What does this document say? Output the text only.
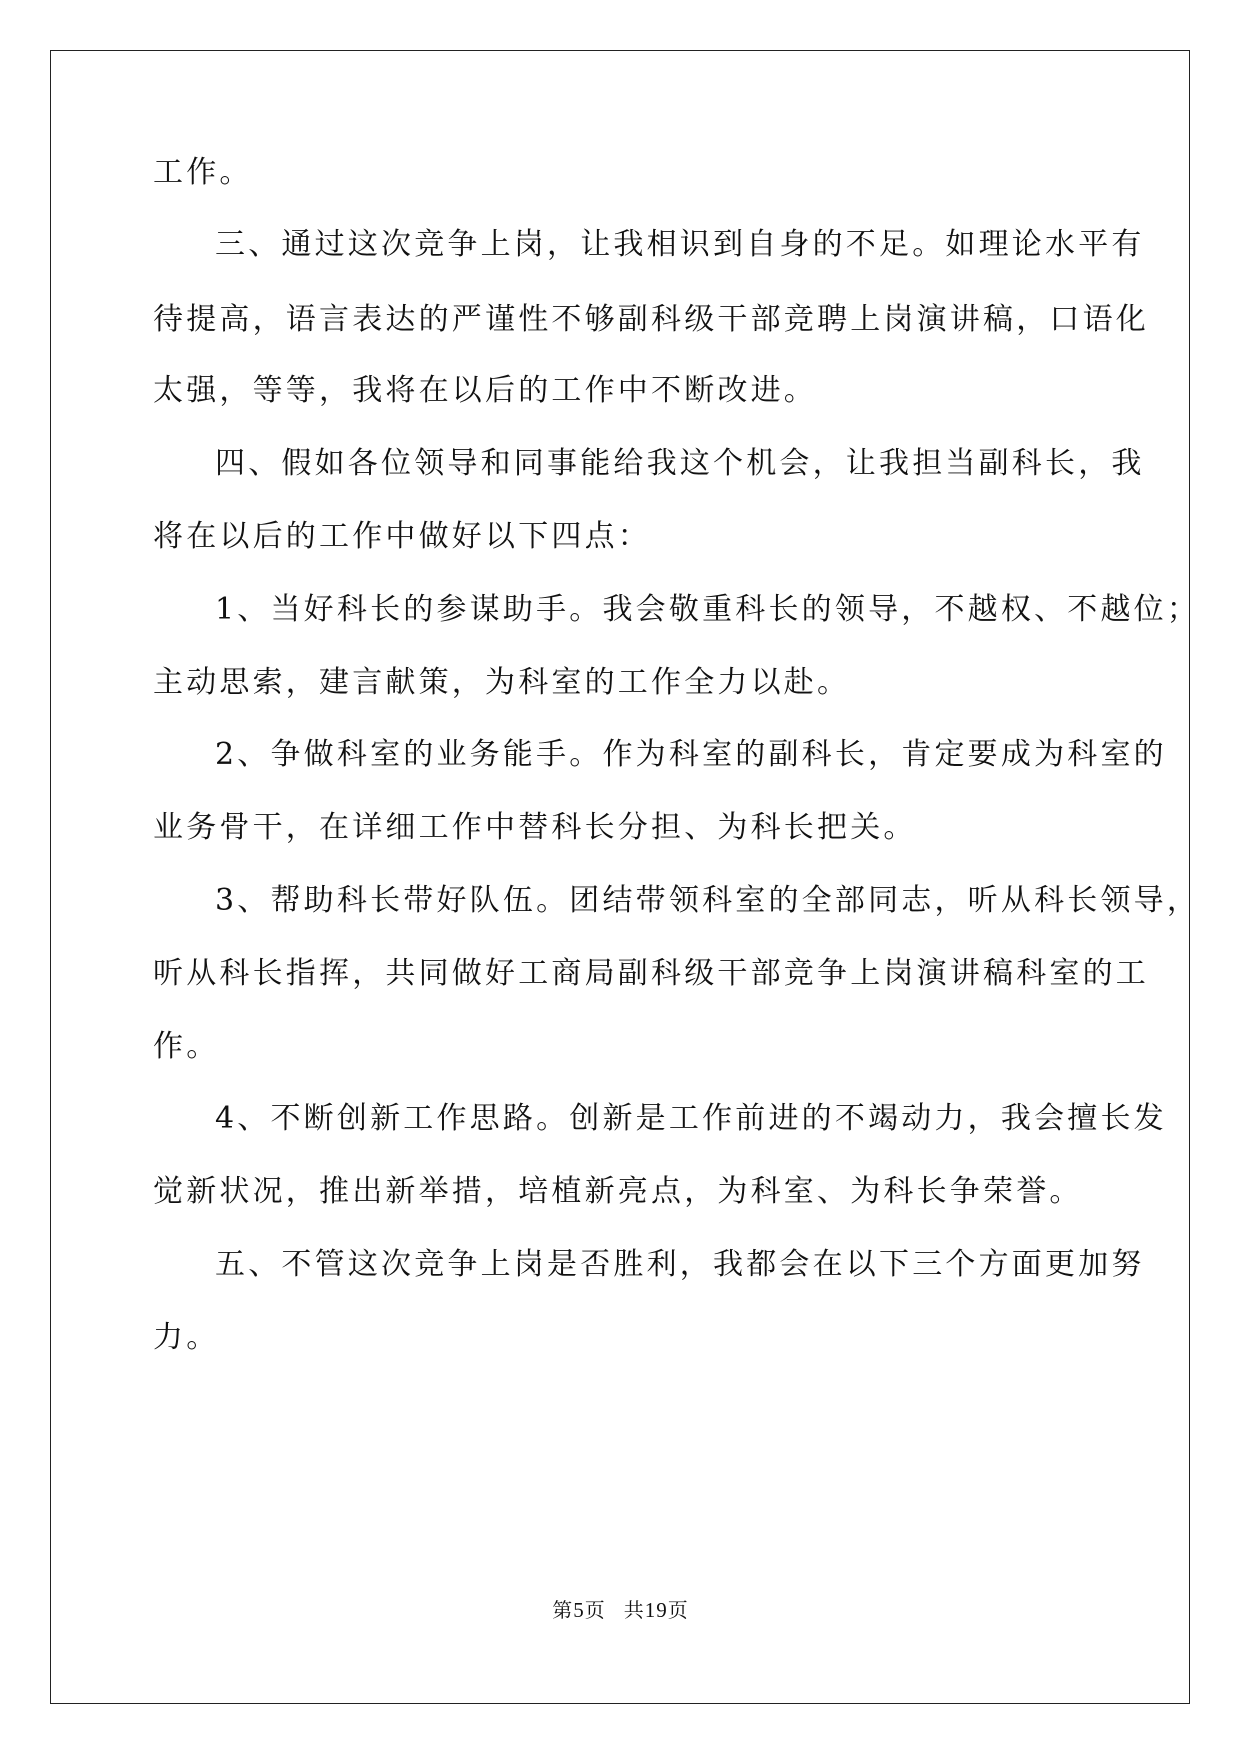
工作。
三、通过这次竞争上岗，让我相识到自身的不足。如理论水平有
待提高，语言表达的严谨性不够副科级干部竞聘上岗演讲稿，口语化
太强，等等，我将在以后的工作中不断改进。
四、假如各位领导和同事能给我这个机会，让我担当副科长，我
将在以后的工作中做好以下四点：
1、当好科长的参谋助手。我会敬重科长的领导，不越权、不越位；
主动思索，建言献策，为科室的工作全力以赴。
2、争做科室的业务能手。作为科室的副科长，肯定要成为科室的
业务骨干，在详细工作中替科长分担、为科长把关。
3、帮助科长带好队伍。团结带领科室的全部同志，听从科长领导，
听从科长指挥，共同做好工商局副科级干部竞争上岗演讲稿科室的工
作。
4、不断创新工作思路。创新是工作前进的不竭动力，我会擅长发
觉新状况，推出新举措，培植新亮点，为科室、为科长争荣誉。
五、不管这次竞争上岗是否胜利，我都会在以下三个方面更加努
力。
第5页 共19页
